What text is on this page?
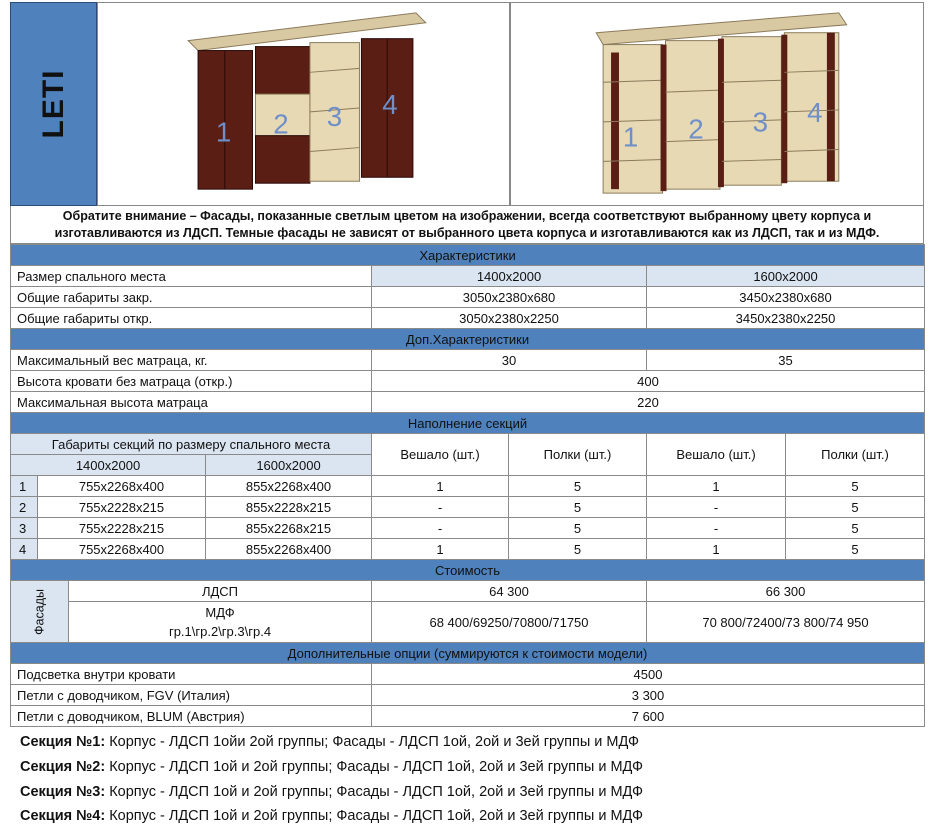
LETI	1 2 3 4
1 2 3 4
Обратите внимание – Фасады, показанные светлым цветом на изображении, всегда соответствуют выбранному цвету корпуса и
изготавливаются из ЛДСП. Темные фасады не зависят от выбранного цвета корпуса и изготавливаются как из ЛДСП, так и из МДФ.
Характеристики							
Размер спального места				1400x2000		1600x2000	
Общие габариты закр.				3050x2380x680		3450x2380x680	
Общие габариты откр.				3050x2380x2250		3450x2380x2250	
Доп.Характеристики							
Максимальный вес матраца, кг.				30		35	
Высота кровати без матраца (откр.)				400			
Максимальная высота матраца				220			
Наполнение секций							
Габариты секций по размеру спального места				Вешало (шт.)	Полки (шт.)	Вешало (шт.)	Полки (шт.)
1400x2000			1600x2000				
1	755x2268x400		855x2268x400	1	5	1	5
2	755x2228x215		855x2228x215	-	5	-	5
3	755x2228x215		855x2268x215	-	5	-	5
4	755x2268x400		855x2268x400	1	5	1	5
Стоимость							

Фасады		ЛДСП		64 300		66 300	

		МДФ
гр.1\гр.2\гр.3\гр.4		68 400/69250/70800/71750		70 800/72400/73 800/74 950	
Дополнительные опции (суммируются к стоимости модели)							
Подсветка внутри кровати				4500			
Петли с доводчиком, FGV (Италия)				3 300			
Петли с доводчиком, BLUM (Австрия)				7 600			
Секция №1: Корпус - ЛДСП 1ойи 2ой группы; Фасады - ЛДСП 1ой, 2ой и 3ей группы и МДФ
Секция №2: Корпус - ЛДСП 1ой и 2ой группы; Фасады - ЛДСП 1ой, 2ой и 3ей группы и МДФ
Секция №3: Корпус - ЛДСП 1ой и 2ой группы; Фасады - ЛДСП 1ой, 2ой и 3ей группы и МДФ
Секция №4: Корпус - ЛДСП 1ой и 2ой группы; Фасады - ЛДСП 1ой, 2ой и 3ей группы и МДФ
